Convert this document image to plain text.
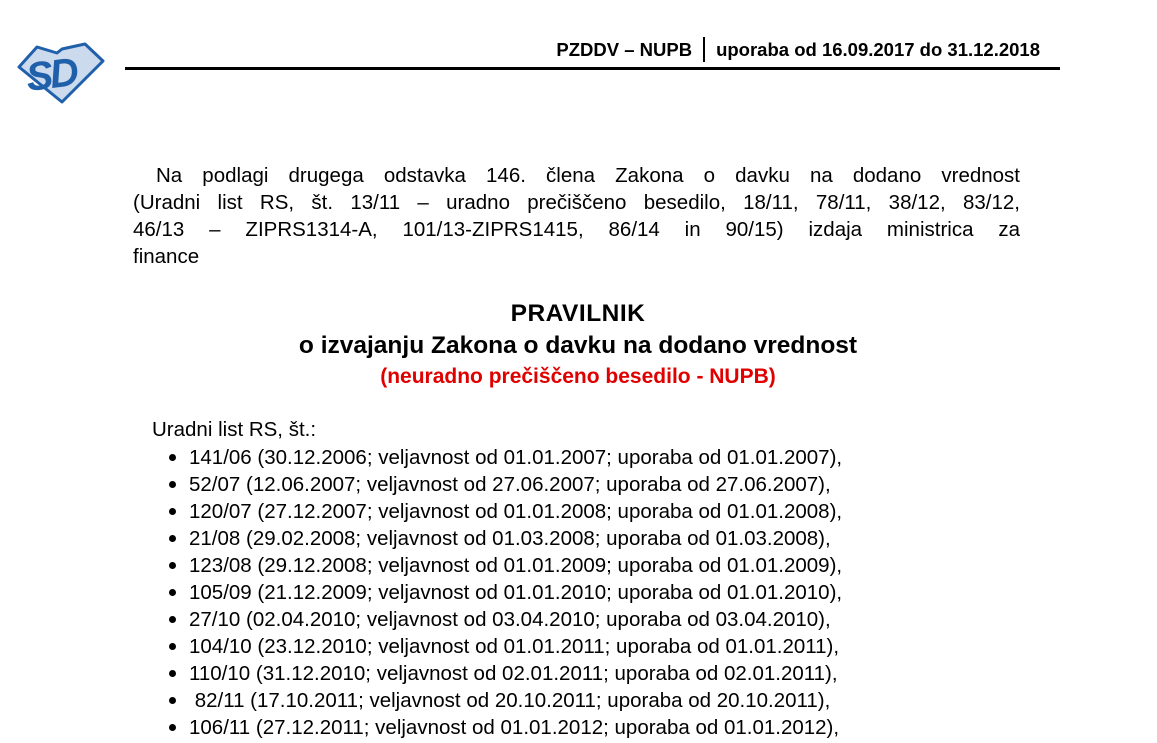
SD
PZDDV – NUPB uporaba od 16.09.2017 do 31.12.2018
Na podlagi drugega odstavka 146. člena Zakona o davku na dodano vrednost
(Uradni list RS, št. 13/11 – uradno prečiščeno besedilo, 18/11, 78/11, 38/12, 83/12,
46/13 – ZIPRS1314-A, 101/13-ZIPRS1415, 86/14 in 90/15) izdaja ministrica za
finance
PRAVILNIK
o izvajanju Zakona o davku na dodano vrednost
(neuradno prečiščeno besedilo - NUPB)
Uradni list RS, št.:
141/06 (30.12.2006; veljavnost od 01.01.2007; uporaba od 01.01.2007),
52/07 (12.06.2007; veljavnost od 27.06.2007; uporaba od 27.06.2007),
120/07 (27.12.2007; veljavnost od 01.01.2008; uporaba od 01.01.2008),
21/08 (29.02.2008; veljavnost od 01.03.2008; uporaba od 01.03.2008),
123/08 (29.12.2008; veljavnost od 01.01.2009; uporaba od 01.01.2009),
105/09 (21.12.2009; veljavnost od 01.01.2010; uporaba od 01.01.2010),
27/10 (02.04.2010; veljavnost od 03.04.2010; uporaba od 03.04.2010),
104/10 (23.12.2010; veljavnost od 01.01.2011; uporaba od 01.01.2011),
110/10 (31.12.2010; veljavnost od 02.01.2011; uporaba od 02.01.2011),
82/11 (17.10.2011; veljavnost od 20.10.2011; uporaba od 20.10.2011),
106/11 (27.12.2011; veljavnost od 01.01.2012; uporaba od 01.01.2012),
